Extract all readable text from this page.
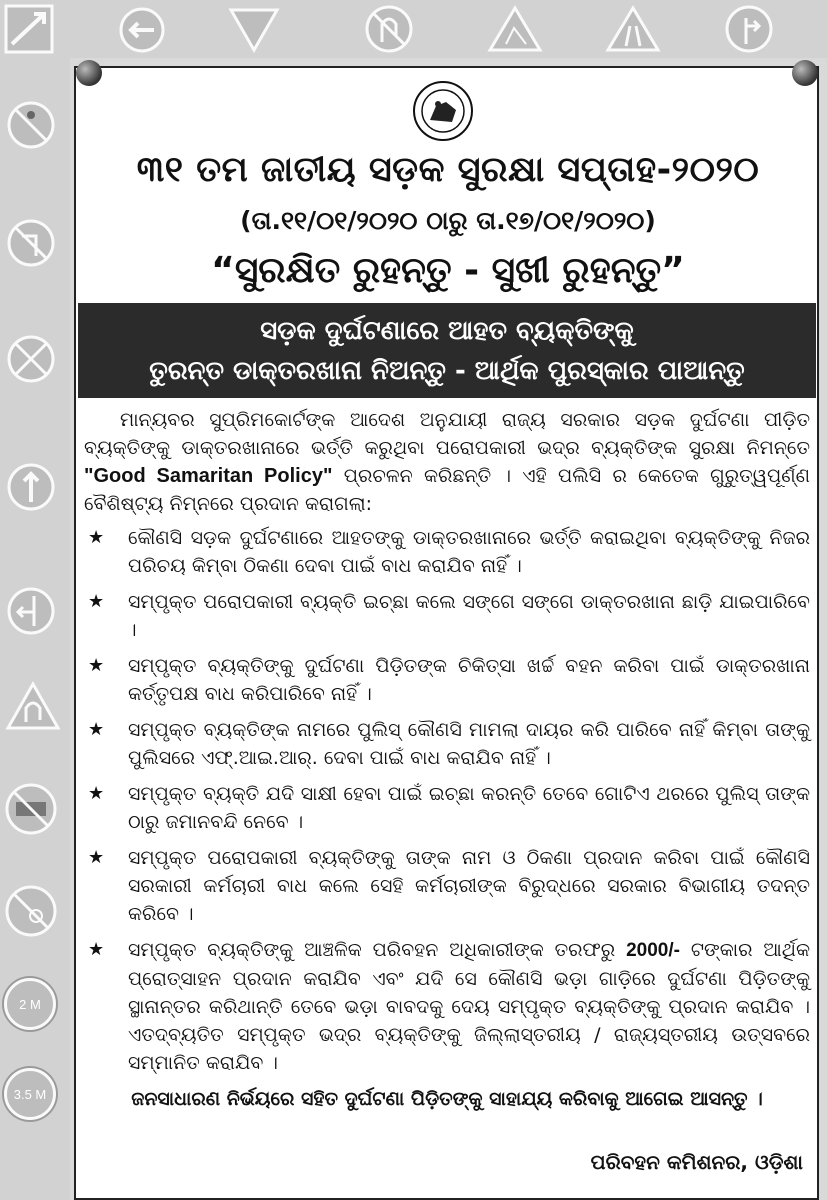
2 M
3.5 M
୩୧ ତମ ଜାତୀୟ ସଡ଼କ ସୁରକ୍ଷା ସପ୍ତାହ-୨୦୨୦
(ତା.୧୧/୦୧/୨୦୨୦ ଠାରୁ ତା.୧୭/୦୧/୨୦୨୦)
“ସୁରକ୍ଷିତ ରୁହନ୍ତୁ - ସୁଖୀ ରୁହନ୍ତୁ”
ସଡ଼କ ଦୁର୍ଘଟଣାରେ ଆହତ ବ୍ୟକ୍ତିଙ୍କୁ
ତୁରନ୍ତ ଡାକ୍ତରଖାନା ନିଅନ୍ତୁ - ଆର୍ଥିକ ପୁରସ୍କାର ପାଆନ୍ତୁ

ମାନ୍ୟବର ସୁପ୍ରିମକୋର୍ଟଙ୍କ ଆଦେଶ ଅନୁଯାୟୀ ରାଜ୍ୟ ସରକାର ସଡ଼କ ଦୁର୍ଘଟଣା ପୀଡ଼ିତ ବ୍ୟକ୍ତିଙ୍କୁ ଡାକ୍ତରଖାନାରେ ଭର୍ତ୍ତି କରୁଥିବା ପରୋପକାରୀ ଭଦ୍ର ବ୍ୟକ୍ତିଙ୍କ ସୁରକ୍ଷା ନିମନ୍ତେ "Good Samaritan Policy" ପ୍ରଚଳନ କରିଛନ୍ତି । ଏହି ପଲିସି ର କେତେକ ଗୁରୁତ୍ୱପୂର୍ଣ୍ଣ ବୈଶିଷ୍ଟ୍ୟ ନିମ୍ନରେ ପ୍ରଦାନ କରାଗଲା:

★ କୌଣସି ସଡ଼କ ଦୁର୍ଘଟଣାରେ ଆହତଙ୍କୁ ଡାକ୍ତରଖାନାରେ ଭର୍ତ୍ତି କରାଇଥିବା ବ୍ୟକ୍ତିଙ୍କୁ ନିଜର ପରିଚୟ କିମ୍ବା ଠିକଣା ଦେବା ପାଇଁ ବାଧ କରାଯିବ ନାହିଁ ।
★ ସମ୍ପୃକ୍ତ ପରୋପକାରୀ ବ୍ୟକ୍ତି ଇଚ୍ଛା କଲେ ସଙ୍ଗେ ସଙ୍ଗେ ଡାକ୍ତରଖାନା ଛାଡ଼ି ଯାଇପାରିବେ ।
★ ସମ୍ପୃକ୍ତ ବ୍ୟକ୍ତିଙ୍କୁ ଦୁର୍ଘଟଣା ପିଡ଼ିତଙ୍କ ଚିକିତ୍ସା ଖର୍ଚ୍ଚ ବହନ କରିବା ପାଇଁ ଡାକ୍ତରଖାନା କର୍ତ୍ତୃପକ୍ଷ ବାଧ କରିପାରିବେ ନାହିଁ ।
★ ସମ୍ପୃକ୍ତ ବ୍ୟକ୍ତିଙ୍କ ନାମରେ ପୁଲିସ୍ କୌଣସି ମାମଲା ଦାୟର କରି ପାରିବେ ନାହିଁ କିମ୍ବା ତାଙ୍କୁ ପୁଲିସରେ ଏଫ୍.ଆଇ.ଆର୍. ଦେବା ପାଇଁ ବାଧ କରାଯିବ ନାହିଁ ।
★ ସମ୍ପୃକ୍ତ ବ୍ୟକ୍ତି ଯଦି ସାକ୍ଷୀ ହେବା ପାଇଁ ଇଚ୍ଛା କରନ୍ତି ତେବେ ଗୋଟିଏ ଥରରେ ପୁଲିସ୍ ତାଙ୍କ ଠାରୁ ଜମାନବନ୍ଦି ନେବେ ।
★ ସମ୍ପୃକ୍ତ ପରୋପକାରୀ ବ୍ୟକ୍ତିଙ୍କୁ ତାଙ୍କ ନାମ ଓ ଠିକଣା ପ୍ରଦାନ କରିବା ପାଇଁ କୌଣସି ସରକାରୀ କର୍ମଚାରୀ ବାଧ କଲେ ସେହି କର୍ମଚାରୀଙ୍କ ବିରୁଦ୍ଧରେ ସରକାର ବିଭାଗୀୟ ତଦନ୍ତ କରିବେ ।
★ ସମ୍ପୃକ୍ତ ବ୍ୟକ୍ତିଙ୍କୁ ଆଞ୍ଚଳିକ ପରିବହନ ଅଧିକାରୀଙ୍କ ତରଫରୁ 2000/- ଟଙ୍କାର ଆର୍ଥିକ ପ୍ରୋତ୍ସାହନ ପ୍ରଦାନ କରାଯିବ ଏବଂ ଯଦି ସେ କୌଣସି ଭଡ଼ା ଗାଡ଼ିରେ ଦୁର୍ଘଟଣା ପିଡ଼ିତଙ୍କୁ ସ୍ଥାନାନ୍ତର କରିଥାନ୍ତି ତେବେ ଭଡ଼ା ବାବଦକୁ ଦେୟ ସମ୍ପୃକ୍ତ ବ୍ୟକ୍ତିଙ୍କୁ ପ୍ରଦାନ କରାଯିବ । ଏତଦ୍‌ବ୍ୟତିତ ସମ୍ପୃକ୍ତ ଭଦ୍ର ବ୍ୟକ୍ତିଙ୍କୁ ଜିଲ୍ଲାସ୍ତରୀୟ / ରାଜ୍ୟସ୍ତରୀୟ ଉତ୍ସବରେ ସମ୍ମାନିତ କରାଯିବ ।
ଜନସାଧାରଣ ନିର୍ଭୟରେ ସହିତ ଦୁର୍ଘଟଣା ପିଡ଼ିତଙ୍କୁ ସାହାଯ୍ୟ କରିବାକୁ ଆଗେଇ ଆସନ୍ତୁ ।
ପରିବହନ କମିଶନର, ଓଡ଼ିଶା
